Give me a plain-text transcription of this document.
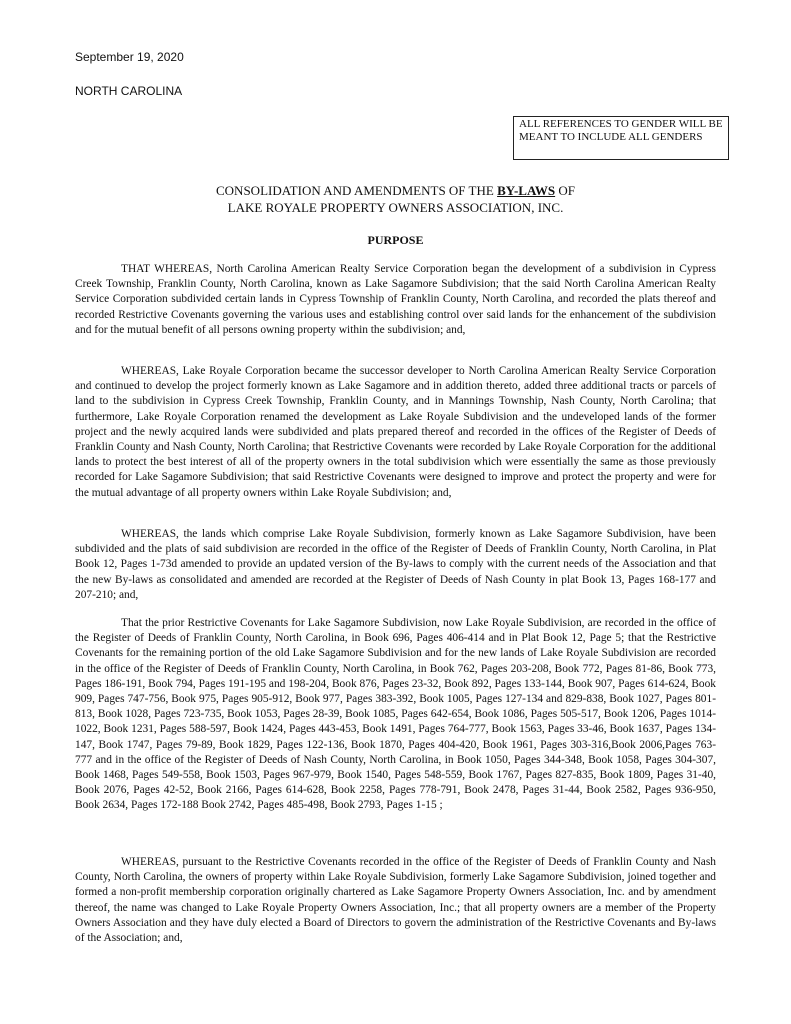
September 19, 2020
NORTH CAROLINA
ALL REFERENCES TO GENDER WILL BE MEANT TO INCLUDE ALL GENDERS
CONSOLIDATION AND AMENDMENTS OF THE BY-LAWS OF
LAKE ROYALE PROPERTY OWNERS ASSOCIATION, INC.
PURPOSE

THAT WHEREAS, North Carolina American Realty Service Corporation began the development of a subdivision in Cypress Creek Township, Franklin County, North Carolina, known as Lake Sagamore Subdivision; that the said North Carolina American Realty Service Corporation subdivided certain lands in Cypress Township of Franklin County, North Carolina, and recorded the plats thereof and recorded Restrictive Covenants governing the various uses and establishing control over said lands for the enhancement of the subdivision and for the mutual benefit of all persons owning property within the subdivision; and,

WHEREAS, Lake Royale Corporation became the successor developer to North Carolina American Realty Service Corporation and continued to develop the project formerly known as Lake Sagamore and in addition thereto, added three additional tracts or parcels of land to the subdivision in Cypress Creek Township, Franklin County, and in Mannings Township, Nash County, North Carolina; that furthermore, Lake Royale Corporation renamed the development as Lake Royale Subdivision and the undeveloped lands of the former project and the newly acquired lands were subdivided and plats prepared thereof and recorded in the offices of the Register of Deeds of Franklin County and Nash County, North Carolina; that Restrictive Covenants were recorded by Lake Royale Corporation for the additional lands to protect the best interest of all of the property owners in the total subdivision which were essentially the same as those previously recorded for Lake Sagamore Subdivision; that said Restrictive Covenants were designed to improve and protect the property and were for the mutual advantage of all property owners within Lake Royale Subdivision; and,

WHEREAS, the lands which comprise Lake Royale Subdivision, formerly known as Lake Sagamore Subdivision, have been subdivided and the plats of said subdivision are recorded in the office of the Register of Deeds of Franklin County, North Carolina, in Plat Book 12, Pages 1-73d amended to provide an updated version of the By-laws to comply with the current needs of the Association and that the new By-laws as consolidated and amended are recorded at the Register of Deeds of Nash County in plat Book 13, Pages 168-177 and 207-210; and,

That the prior Restrictive Covenants for Lake Sagamore Subdivision, now Lake Royale Subdivision, are recorded in the office of the Register of Deeds of Franklin County, North Carolina, in Book 696, Pages 406-414 and in Plat Book 12, Page 5; that the Restrictive Covenants for the remaining portion of the old Lake Sagamore Subdivision and for the new lands of Lake Royale Subdivision are recorded in the office of the Register of Deeds of Franklin County, North Carolina, in Book 762, Pages 203-208, Book 772, Pages 81-86, Book 773, Pages 186-191, Book 794, Pages 191-195 and 198-204, Book 876, Pages 23-32, Book 892, Pages 133-144, Book 907, Pages 614-624, Book 909, Pages 747-756, Book 975, Pages 905-912, Book 977, Pages 383-392, Book 1005, Pages 127-134 and 829-838, Book 1027, Pages 801-813, Book 1028, Pages 723-735, Book 1053, Pages 28-39, Book 1085, Pages 642-654, Book 1086, Pages 505-517, Book 1206, Pages 1014-1022, Book 1231, Pages 588-597, Book 1424, Pages 443-453, Book 1491, Pages 764-777, Book 1563, Pages 33-46, Book 1637, Pages 134-147, Book 1747, Pages 79-89, Book 1829, Pages 122-136, Book 1870, Pages 404-420, Book 1961, Pages 303-316,Book 2006,Pages 763-777 and in the office of the Register of Deeds of Nash County, North Carolina, in Book 1050, Pages 344-348, Book 1058, Pages 304-307, Book 1468, Pages 549-558, Book 1503, Pages 967-979, Book 1540, Pages 548-559, Book 1767, Pages 827-835, Book 1809, Pages 31-40, Book 2076, Pages 42-52, Book 2166, Pages 614-628, Book 2258, Pages 778-791, Book 2478, Pages 31-44, Book 2582, Pages 936-950, Book 2634, Pages 172-188 Book 2742, Pages 485-498, Book 2793, Pages 1-15 ;

WHEREAS, pursuant to the Restrictive Covenants recorded in the office of the Register of Deeds of Franklin County and Nash County, North Carolina, the owners of property within Lake Royale Subdivision, formerly Lake Sagamore Subdivision, joined together and formed a non-profit membership corporation originally chartered as Lake Sagamore Property Owners Association, Inc. and by amendment thereof, the name was changed to Lake Royale Property Owners Association, Inc.; that all property owners are a member of the Property Owners Association and they have duly elected a Board of Directors to govern the administration of the Restrictive Covenants and By-laws of the Association; and,
